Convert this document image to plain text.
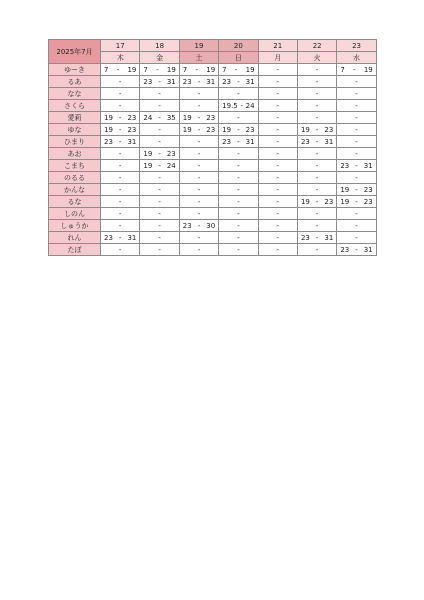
2025年7月	17	18	19	20	21	22	23
	木	金	土	日	月	火	水
ゆーき	7 - 19	7 - 19	7 - 19	7 - 19	-	-	7 - 19

るあ	-	23 - 31	23 - 31	23 - 31	-	-	-

なな	-	-	-	-	-	-	-

さくら	-	-	-	19.5 - 24	-	-	-

愛莉	19 - 23	24 - 35	19 - 23	-	-	-	-

ゆな	19 - 23	-	19 - 23	19 - 23	-	19 - 23	-

ひまり	23 - 31	-	-	23 - 31	-	23 - 31	-

あお	-	19 - 23	-	-	-	-	-

こまち	-	19 - 24	-	-	-	-	23 - 31

のるる	-	-	-	-	-	-	-

かんな	-	-	-	-	-	-	19 - 23

るな	-	-	-	-	-	19 - 23	19 - 23

しのん	-	-	-	-	-	-	-

しゅうか	-	-	23 - 30	-	-	-	-

れん	23 - 31	-	-	-	-	23 - 31	-

たぼ	-	-	-	-	-	-	23 - 31
